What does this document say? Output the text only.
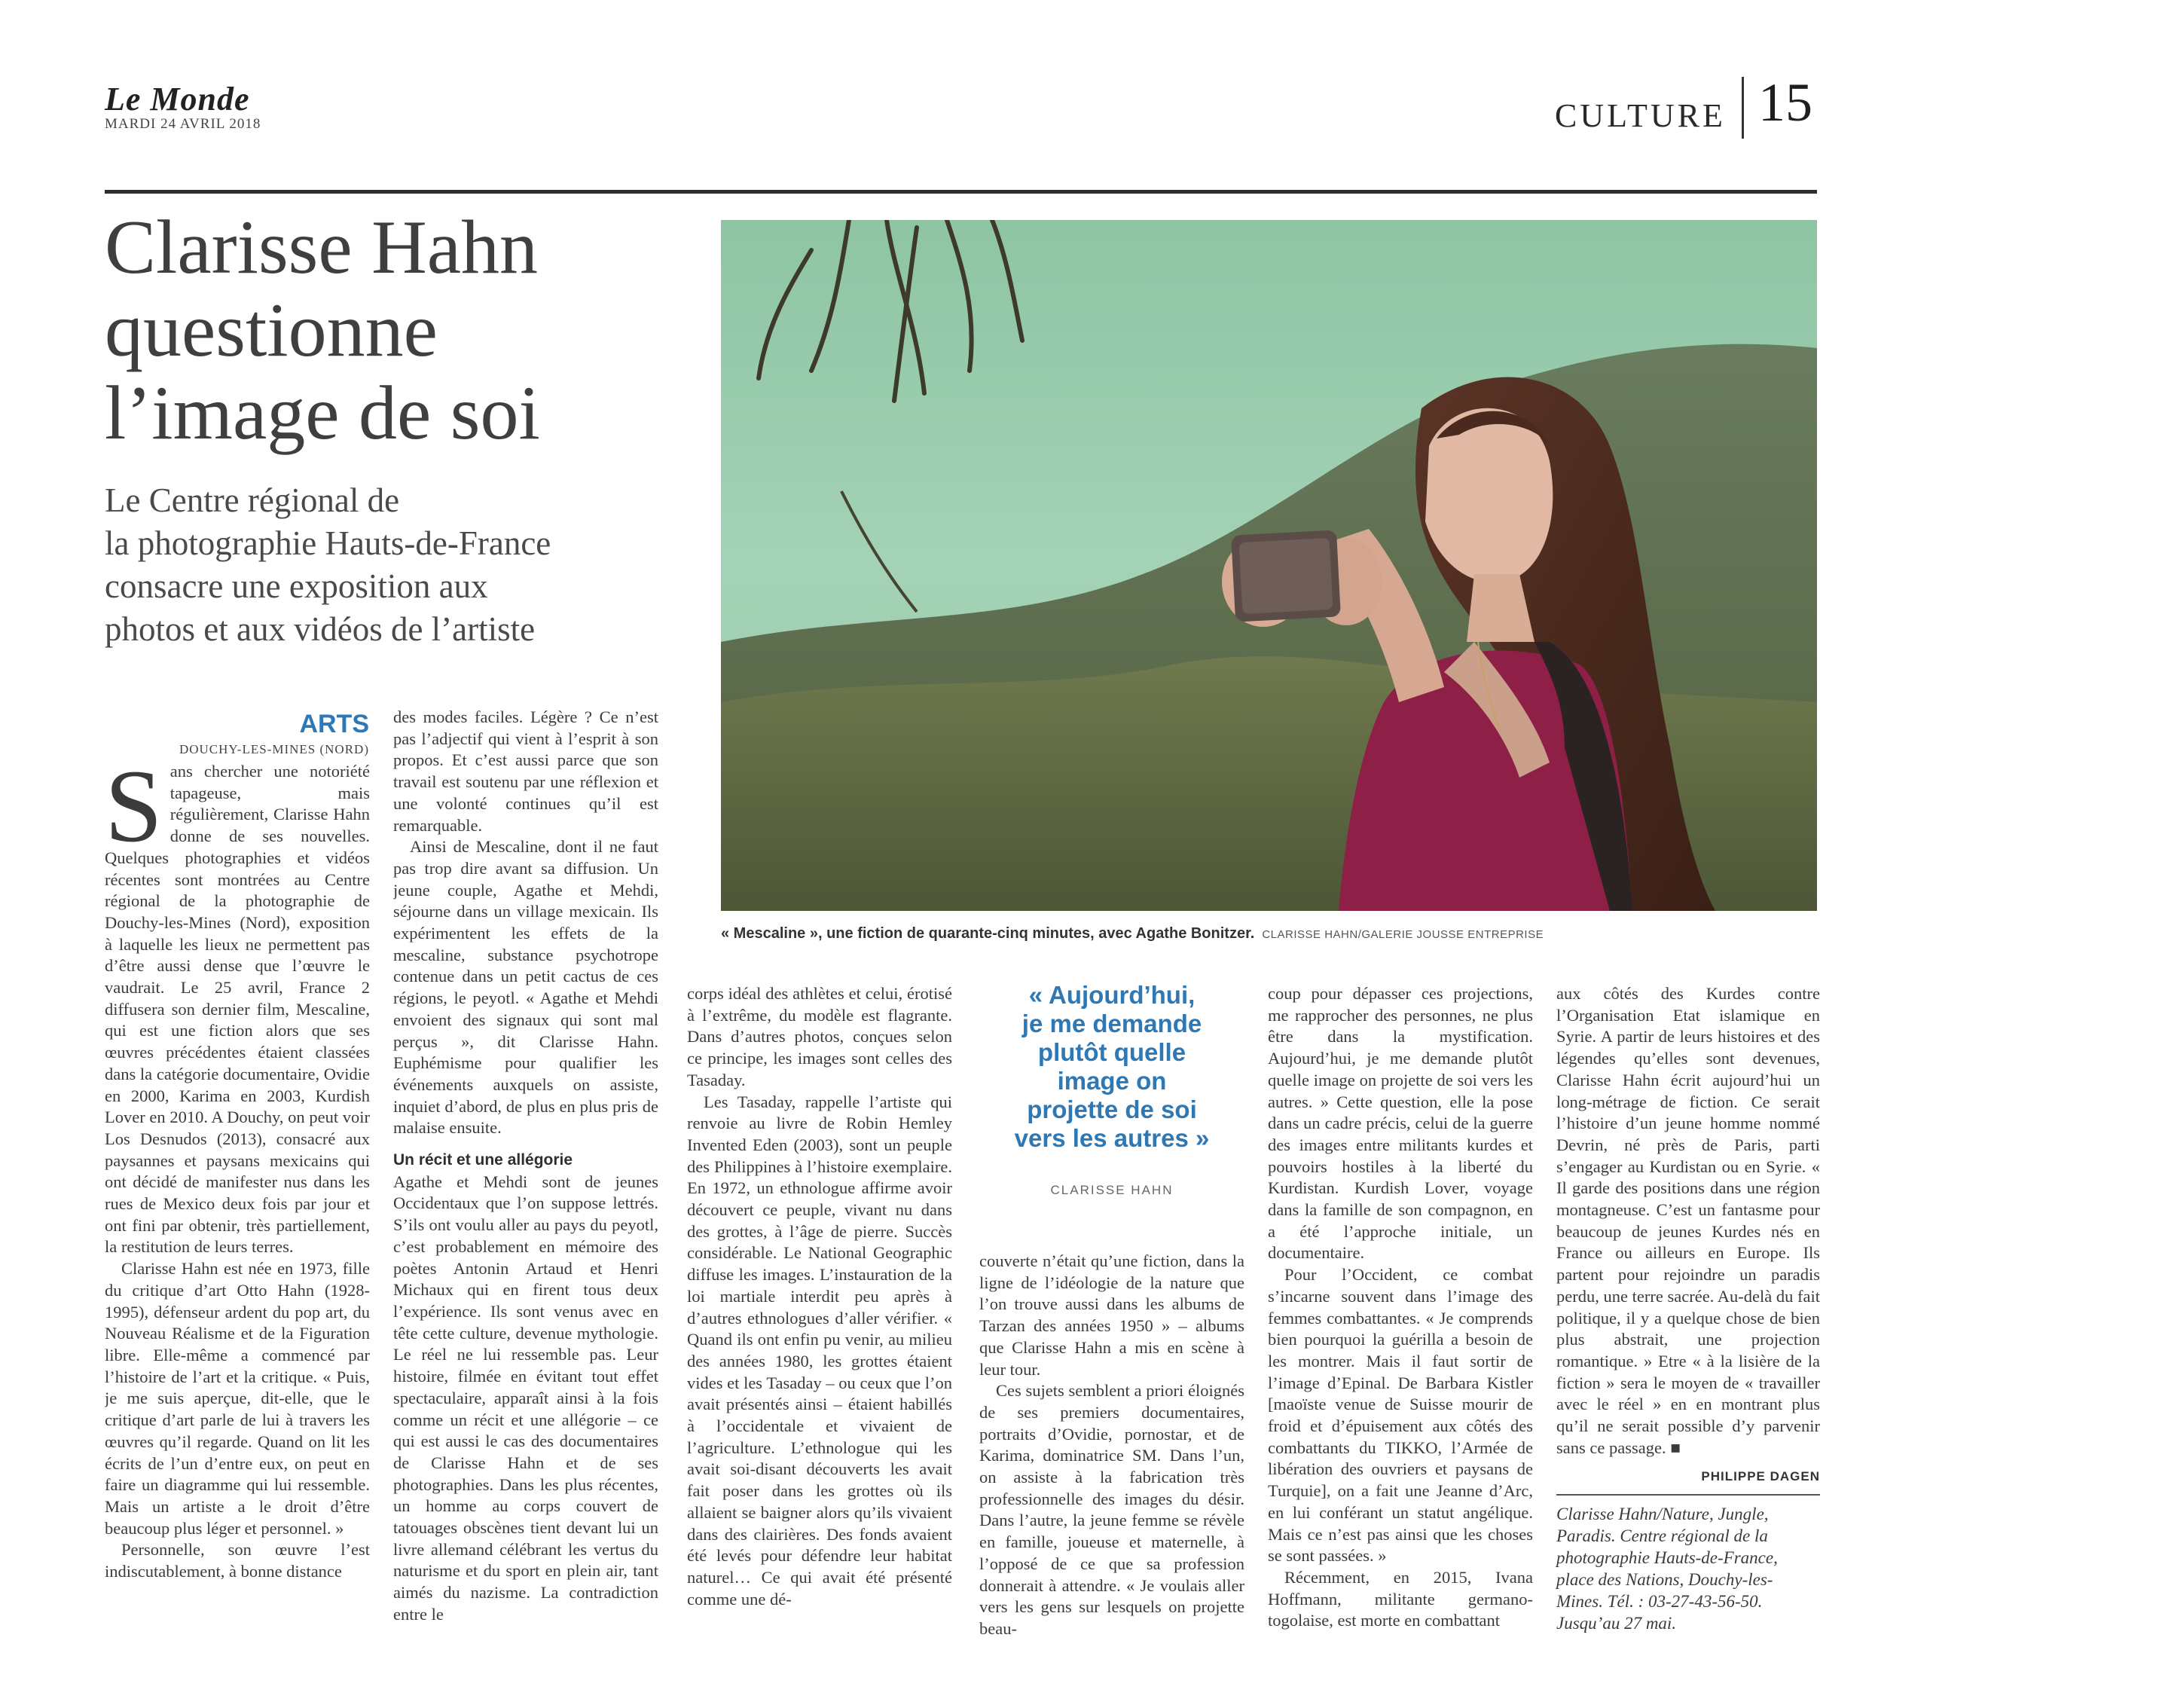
Le Monde
MARDI 24 AVRIL 2018	CULTURE 15
Clarisse Hahn
questionne
l’image de soi
Le Centre régional de
la photographie Hauts-de-France
consacre une exposition aux
photos et aux vidéos de l’artiste
« Mescaline », une fiction de quarante-cinq minutes, avec Agathe Bonitzer. CLARISSE HAHN/GALERIE JOUSSE ENTREPRISE
ARTS
DOUCHY-LES-MINES (NORD)

Sans chercher une notoriété tapageuse, mais régulièrement, Clarisse Hahn donne de ses nouvelles. Quelques photographies et vidéos récentes sont montrées au Centre régional de la photographie de Douchy-les-Mines (Nord), exposition à laquelle les lieux ne permettent pas d’être aussi dense que l’œuvre le vaudrait. Le 25 avril, France 2 diffusera son dernier film, Mescaline, qui est une fiction alors que ses œuvres précédentes étaient classées dans la catégorie documentaire, Ovidie en 2000, Karima en 2003, Kurdish Lover en 2010. A Douchy, on peut voir Los Desnudos (2013), consacré aux paysannes et paysans mexicains qui ont décidé de manifester nus dans les rues de Mexico deux fois par jour et ont fini par obtenir, très partiellement, la restitution de leurs terres.

Clarisse Hahn est née en 1973, fille du critique d’art Otto Hahn (1928-1995), défenseur ardent du pop art, du Nouveau Réalisme et de la Figuration libre. Elle-même a commencé par l’histoire de l’art et la critique. « Puis, je me suis aperçue, dit-elle, que le critique d’art parle de lui à travers les œuvres qu’il regarde. Quand on lit les écrits de l’un d’entre eux, on peut en faire un diagramme qui lui ressemble. Mais un artiste a le droit d’être beaucoup plus léger et personnel. »

Personnelle, son œuvre l’est indiscutablement, à bonne distance

des modes faciles. Légère ? Ce n’est pas l’adjectif qui vient à l’esprit à son propos. Et c’est aussi parce que son travail est soutenu par une réflexion et une volonté continues qu’il est remarquable.

Ainsi de Mescaline, dont il ne faut pas trop dire avant sa diffusion. Un jeune couple, Agathe et Mehdi, séjourne dans un village mexicain. Ils expérimentent les effets de la mescaline, substance psychotrope contenue dans un petit cactus de ces régions, le peyotl. « Agathe et Mehdi envoient des signaux qui sont mal perçus », dit Clarisse Hahn. Euphémisme pour qualifier les événements auxquels on assiste, inquiet d’abord, de plus en plus pris de malaise ensuite.

Un récit et une allégorie

Agathe et Mehdi sont de jeunes Occidentaux que l’on suppose lettrés. S’ils ont voulu aller au pays du peyotl, c’est probablement en mémoire des poètes Antonin Artaud et Henri Michaux qui en firent tous deux l’expérience. Ils sont venus avec en tête cette culture, devenue mythologie. Le réel ne lui ressemble pas. Leur histoire, filmée en évitant tout effet spectaculaire, apparaît ainsi à la fois comme un récit et une allégorie – ce qui est aussi le cas des documentaires de Clarisse Hahn et de ses photographies. Dans les plus récentes, un homme au corps couvert de tatouages obscènes tient devant lui un livre allemand célébrant les vertus du naturisme et du sport en plein air, tant aimés du nazisme. La contradiction entre le

corps idéal des athlètes et celui, érotisé à l’extrême, du modèle est flagrante. Dans d’autres photos, conçues selon ce principe, les images sont celles des Tasaday.

Les Tasaday, rappelle l’artiste qui renvoie au livre de Robin Hemley Invented Eden (2003), sont un peuple des Philippines à l’histoire exemplaire. En 1972, un ethnologue affirme avoir découvert ce peuple, vivant nu dans des grottes, à l’âge de pierre. Succès considérable. Le National Geographic diffuse les images. L’instauration de la loi martiale interdit peu après à d’autres ethnologues d’aller vérifier. « Quand ils ont enfin pu venir, au milieu des années 1980, les grottes étaient vides et les Tasaday – ou ceux que l’on avait présentés ainsi – étaient habillés à l’occidentale et vivaient de l’agriculture. L’ethnologue qui les avait soi-disant découverts les avait fait poser dans les grottes où ils allaient se baigner alors qu’ils vivaient dans des clairières. Des fonds avaient été levés pour défendre leur habitat naturel… Ce qui avait été présenté comme une dé-

« Aujourd’hui,
je me demande
plutôt quelle
image on
projette de soi
vers les autres »
CLARISSE HAHN

couverte n’était qu’une fiction, dans la ligne de l’idéologie de la nature que l’on trouve aussi dans les albums de Tarzan des années 1950 » – albums que Clarisse Hahn a mis en scène à leur tour.

Ces sujets semblent a priori éloignés de ses premiers documentaires, portraits d’Ovidie, pornostar, et de Karima, dominatrice SM. Dans l’un, on assiste à la fabrication très professionnelle des images du désir. Dans l’autre, la jeune femme se révèle en famille, joueuse et maternelle, à l’opposé de ce que sa profession donnerait à attendre. « Je voulais aller vers les gens sur lesquels on projette beau-

coup pour dépasser ces projections, me rapprocher des personnes, ne plus être dans la mystification. Aujourd’hui, je me demande plutôt quelle image on projette de soi vers les autres. » Cette question, elle la pose dans un cadre précis, celui de la guerre des images entre militants kurdes et pouvoirs hostiles à la liberté du Kurdistan. Kurdish Lover, voyage dans la famille de son compagnon, en a été l’approche initiale, un documentaire.

Pour l’Occident, ce combat s’incarne souvent dans l’image des femmes combattantes. « Je comprends bien pourquoi la guérilla a besoin de les montrer. Mais il faut sortir de l’image d’Epinal. De Barbara Kistler [maoïste venue de Suisse mourir de froid et d’épuisement aux côtés des combattants du TIKKO, l’Armée de libération des ouvriers et paysans de Turquie], on a fait une Jeanne d’Arc, en lui conférant un statut angélique. Mais ce n’est pas ainsi que les choses se sont passées. »

Récemment, en 2015, Ivana Hoffmann, militante germano-togolaise, est morte en combattant

aux côtés des Kurdes contre l’Organisation Etat islamique en Syrie. A partir de leurs histoires et des légendes qu’elles sont devenues, Clarisse Hahn écrit aujourd’hui un long-métrage de fiction. Ce serait l’histoire d’un jeune homme nommé Devrin, né près de Paris, parti s’engager au Kurdistan ou en Syrie. « Il garde des positions dans une région montagneuse. C’est un fantasme pour beaucoup de jeunes Kurdes nés en France ou ailleurs en Europe. Ils partent pour rejoindre un paradis perdu, une terre sacrée. Au-delà du fait politique, il y a quelque chose de bien plus abstrait, une projection romantique. » Etre « à la lisière de la fiction » sera le moyen de « travailler avec le réel » en en montrant plus qu’il ne serait possible d’y parvenir sans ce passage. ■

PHILIPPE DAGEN
Clarisse Hahn/Nature, Jungle,
Paradis. Centre régional de la
photographie Hauts-de-France,
place des Nations, Douchy-les-
Mines. Tél. : 03-27-43-56-50.
Jusqu’au 27 mai.
